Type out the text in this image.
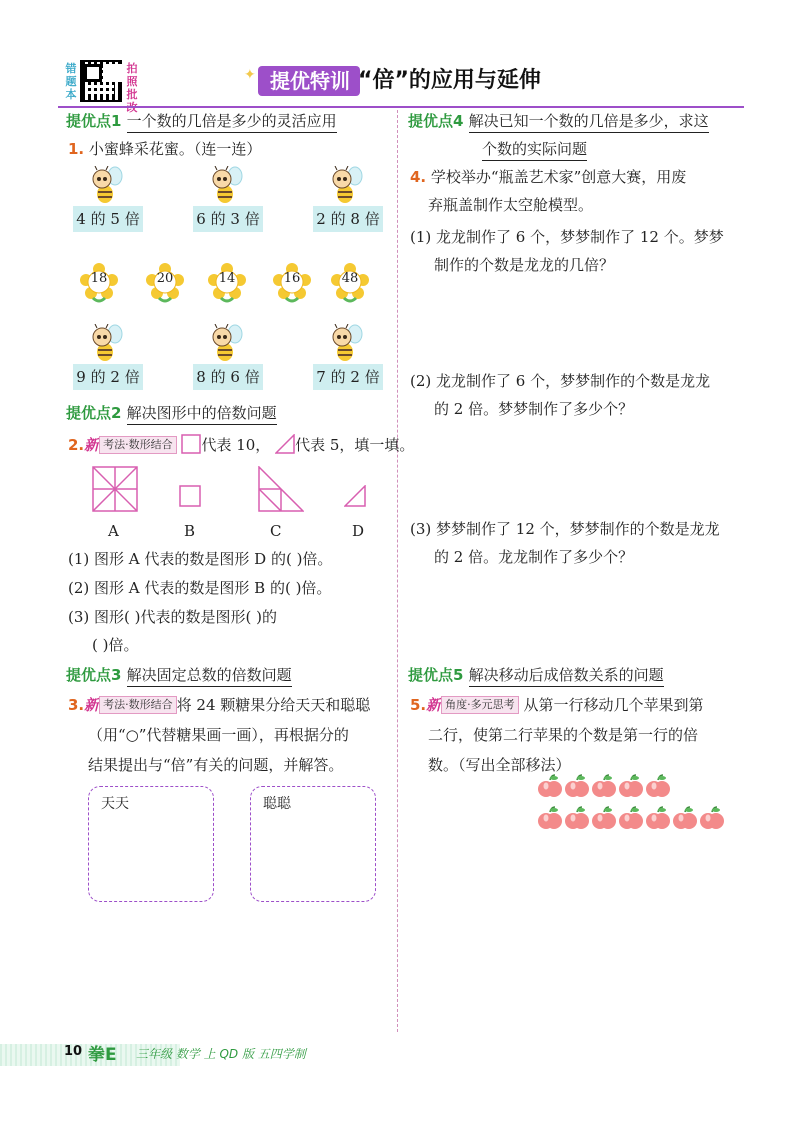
错
题
本
拍
照
批
改
✦ 提优特训 “倍”的应用与延伸
提优点1 一个数的几倍是多少的灵活应用
1. 小蜜蜂采花蜜。（连一连）
4 的 5 倍	6 的 3 倍	2 的 8 倍
18	20	14	16	48
9 的 2 倍	8 的 6 倍	7 的 2 倍
提优点2 解决图形中的倍数问题
2.新 考法·数形结合 代表 10， 代表 5，填一填。
A	B	C	D
(1) 图形 A 代表的数是图形 D 的( )倍。
(2) 图形 A 代表的数是图形 B 的( )倍。
(3) 图形( )代表的数是图形( )的
( )倍。
提优点3 解决固定总数的倍数问题
3.新 考法·数形结合 将 24 颗糖果分给天天和聪聪
（用“○”代替糖果画一画），再根据分的
结果提出与“倍”有关的问题，并解答。
天天	聪聪
提优点4 解决已知一个数的几倍是多少，求这
个数的实际问题
4. 学校举办“瓶盖艺术家”创意大赛，用废
弃瓶盖制作太空舱模型。
(1) 龙龙制作了 6 个，梦梦制作了 12 个。梦梦
制作的个数是龙龙的几倍？
(2) 龙龙制作了 6 个，梦梦制作的个数是龙龙
的 2 倍。梦梦制作了多少个？
(3) 梦梦制作了 12 个，梦梦制作的个数是龙龙
的 2 倍。龙龙制作了多少个？
提优点5 解决移动后成倍数关系的问题
5.新 角度·多元思考 从第一行移动几个苹果到第
二行，使第二行苹果的个数是第一行的倍
数。（写出全部移法）
10 拳E 三年级 数学 上 QD 版 五四学制
